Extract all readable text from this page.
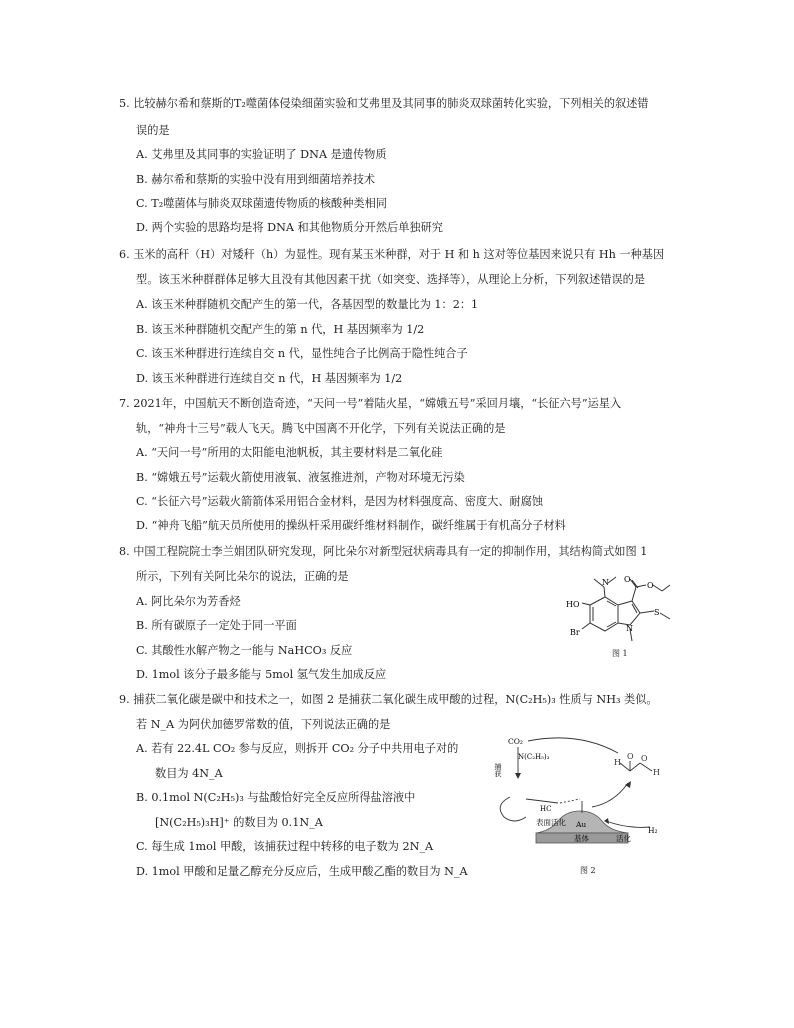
5. 比较赫尔希和蔡斯的T₂噬菌体侵染细菌实验和艾弗里及其同事的肺炎双球菌转化实验，下列相关的叙述错
误的是
A. 艾弗里及其同事的实验证明了 DNA 是遗传物质
B. 赫尔希和蔡斯的实验中没有用到细菌培养技术
C. T₂噬菌体与肺炎双球菌遗传物质的核酸种类相同
D. 两个实验的思路均是将 DNA 和其他物质分开然后单独研究
6. 玉米的高秆（H）对矮秆（h）为显性。现有某玉米种群，对于 H 和 h 这对等位基因来说只有 Hh 一种基因
型。该玉米种群群体足够大且没有其他因素干扰（如突变、选择等），从理论上分析，下列叙述错误的是
A. 该玉米种群随机交配产生的第一代，各基因型的数量比为 1：2：1
B. 该玉米种群随机交配产生的第 n 代，H 基因频率为 1/2
C. 该玉米种群进行连续自交 n 代，显性纯合子比例高于隐性纯合子
D. 该玉米种群进行连续自交 n 代，H 基因频率为 1/2
7. 2021年，中国航天不断创造奇迹，“天问一号”着陆火星，“嫦娥五号”采回月壤，“长征六号”运星入
轨，“神舟十三号”载人飞天。腾飞中国离不开化学，下列有关说法正确的是
A. “天问一号”所用的太阳能电池帆板，其主要材料是二氧化硅
B. “嫦娥五号”运载火箭使用液氧、液氢推进剂，产物对环境无污染
C. “长征六号”运载火箭箭体采用铝合金材料，是因为材料强度高、密度大、耐腐蚀
D. “神舟飞船”航天员所使用的操纵杆采用碳纤维材料制作，碳纤维属于有机高分子材料
8. 中国工程院院士李兰娟团队研究发现，阿比朵尔对新型冠状病毒具有一定的抑制作用，其结构简式如图 1
所示，下列有关阿比朵尔的说法，正确的是
A. 阿比朵尔为芳香烃
B. 所有碳原子一定处于同一平面
C. 其酸性水解产物之一能与 NaHCO₃ 反应
D. 1mol 该分子最多能与 5mol 氢气发生加成反应
N O
O
HO
Br
S
N
图 1
9. 捕获二氧化碳是碳中和技术之一，如图 2 是捕获二氧化碳生成甲酸的过程，N(C₂H₅)₃ 性质与 NH₃ 类似。
若 N_A 为阿伏加德罗常数的值，下列说法正确的是
A. 若有 22.4L CO₂ 参与反应，则拆开 CO₂ 分子中共用电子对的
数目为 4N_A
B. 0.1mol N(C₂H₅)₃ 与盐酸恰好完全反应所得盐溶液中
[N(C₂H₅)₃H]⁺ 的数目为 0.1N_A
C. 每生成 1mol 甲酸，该捕获过程中转移的电子数为 2N_A
D. 1mol 甲酸和足量乙醇充分反应后，生成甲酸乙酯的数目为 N_A
H
O O
H
CO₂
N(C₂H₅)₃
捕获
HC
表面活化
活化
H₂
Au
基体
图 2
